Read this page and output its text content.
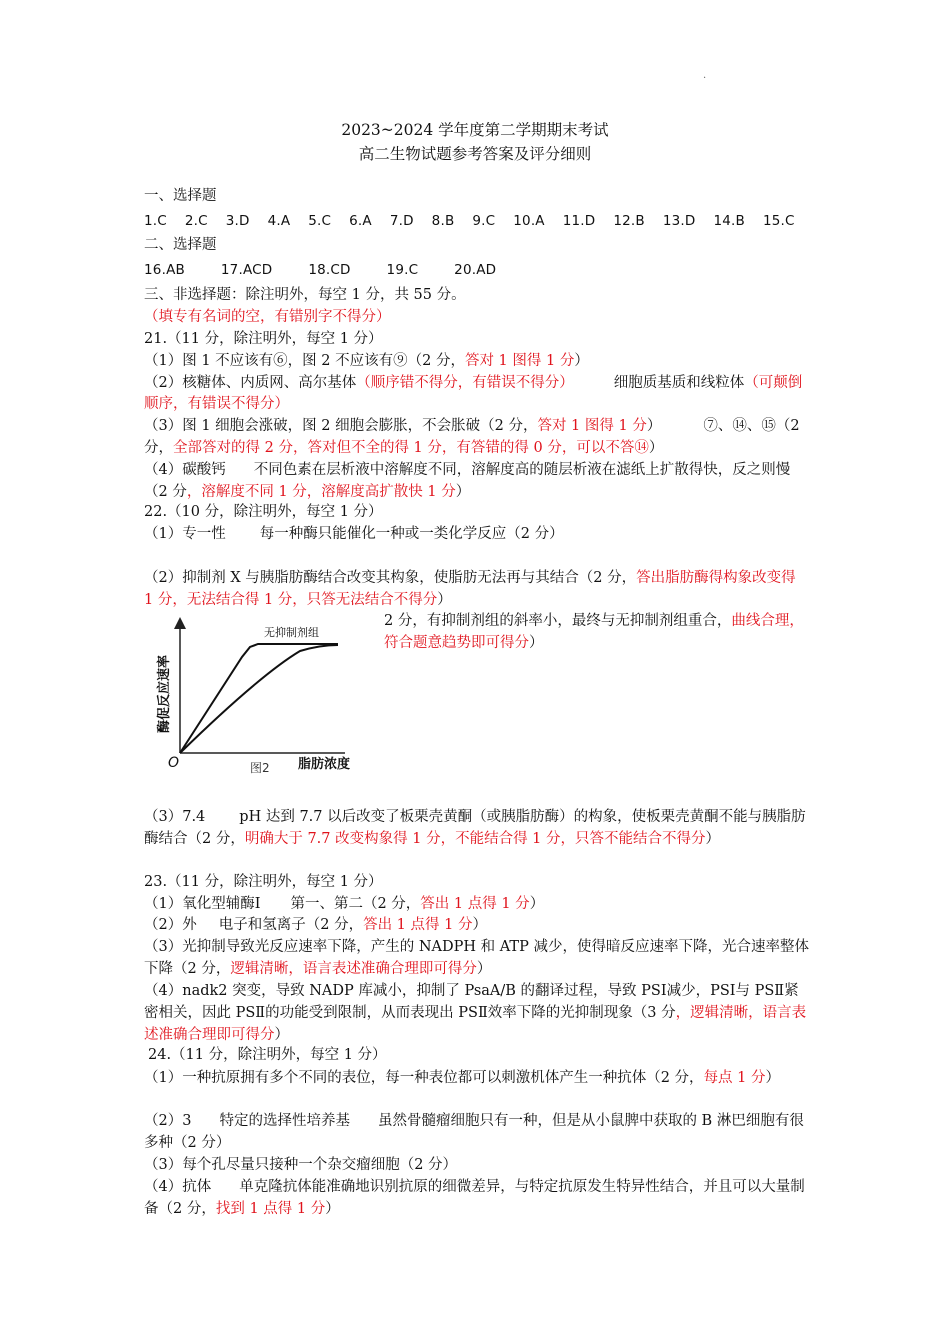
.
2023~2024 学年度第二学期期末考试
高二生物试题参考答案及评分细则
一、选择题
1.C    2.C    3.D    4.A    5.C    6.A    7.D    8.B    9.C    10.A    11.D    12.B    13.D    14.B    15.C
二、选择题
16.AB        17.ACD        18.CD        19.C        20.AD
三、非选择题：除注明外，每空 1 分，共 55 分。
（填专有名词的空，有错别字不得分）
21.（11 分，除注明外，每空 1 分）
（1）图 1 不应该有⑥，图 2 不应该有⑨（2 分，答对 1 图得 1 分）
（2）核糖体、内质网、高尔基体（顺序错不得分，有错误不得分）	细胞质基质和线粒体（可颠倒顺序，有错误不得分）
（3）图 1 细胞会涨破，图 2 细胞会膨胀，不会胀破（2 分，答对 1 图得 1 分）	⑦、⑭、⑮（2 分，全部答对的得 2 分，答对但不全的得 1 分，有答错的得 0 分，可以不答⑭）
（4）碳酸钙 不同色素在层析液中溶解度不同，溶解度高的随层析液在滤纸上扩散得快，反之则慢（2 分，溶解度不同 1 分，溶解度高扩散快 1 分）
22.（10 分，除注明外，每空 1 分）
（1）专一性 每一种酶只能催化一种或一类化学反应（2 分）
（2）抑制剂 X 与胰脂肪酶结合改变其构象，使脂肪无法再与其结合（2 分，答出脂肪酶得构象改变得 1 分，无法结合得 1 分，只答无法结合不得分）
无抑制剂组
酶促反应速率
O	图2 脂肪浓度
2 分，有抑制剂组的斜率小，最终与无抑制剂组重合，曲线合理，符合题意趋势即可得分）
（3）7.4 pH 达到 7.7 以后改变了板栗壳黄酮（或胰脂肪酶）的构象，使板栗壳黄酮不能与胰脂肪酶结合（2 分，明确大于 7.7 改变构象得 1 分，不能结合得 1 分，只答不能结合不得分）
23.（11 分，除注明外，每空 1 分）
（1）氧化型辅酶Ⅰ 第一、第二（2 分，答出 1 点得 1 分）
（2）外 电子和氢离子（2 分，答出 1 点得 1 分）
（3）光抑制导致光反应速率下降，产生的 NADPH 和 ATP 减少，使得暗反应速率下降，光合速率整体下降（2 分，逻辑清晰，语言表述准确合理即可得分）
（4）nadk2 突变，导致 NADP 库减小，抑制了 PsaA/B 的翻译过程，导致 PSⅠ减少，PSⅠ与 PSⅡ紧密相关，因此 PSⅡ的功能受到限制，从而表现出 PSⅡ效率下降的光抑制现象（3 分，逻辑清晰，语言表述准确合理即可得分）
24.（11 分，除注明外，每空 1 分）
（1）一种抗原拥有多个不同的表位，每一种表位都可以刺激机体产生一种抗体（2 分，每点 1 分）
（2）3 特定的选择性培养基 虽然骨髓瘤细胞只有一种，但是从小鼠脾中获取的 B 淋巴细胞有很多种（2 分）
（3）每个孔尽量只接种一个杂交瘤细胞（2 分）
（4）抗体 单克隆抗体能准确地识别抗原的细微差异，与特定抗原发生特异性结合，并且可以大量制备（2 分，找到 1 点得 1 分）
